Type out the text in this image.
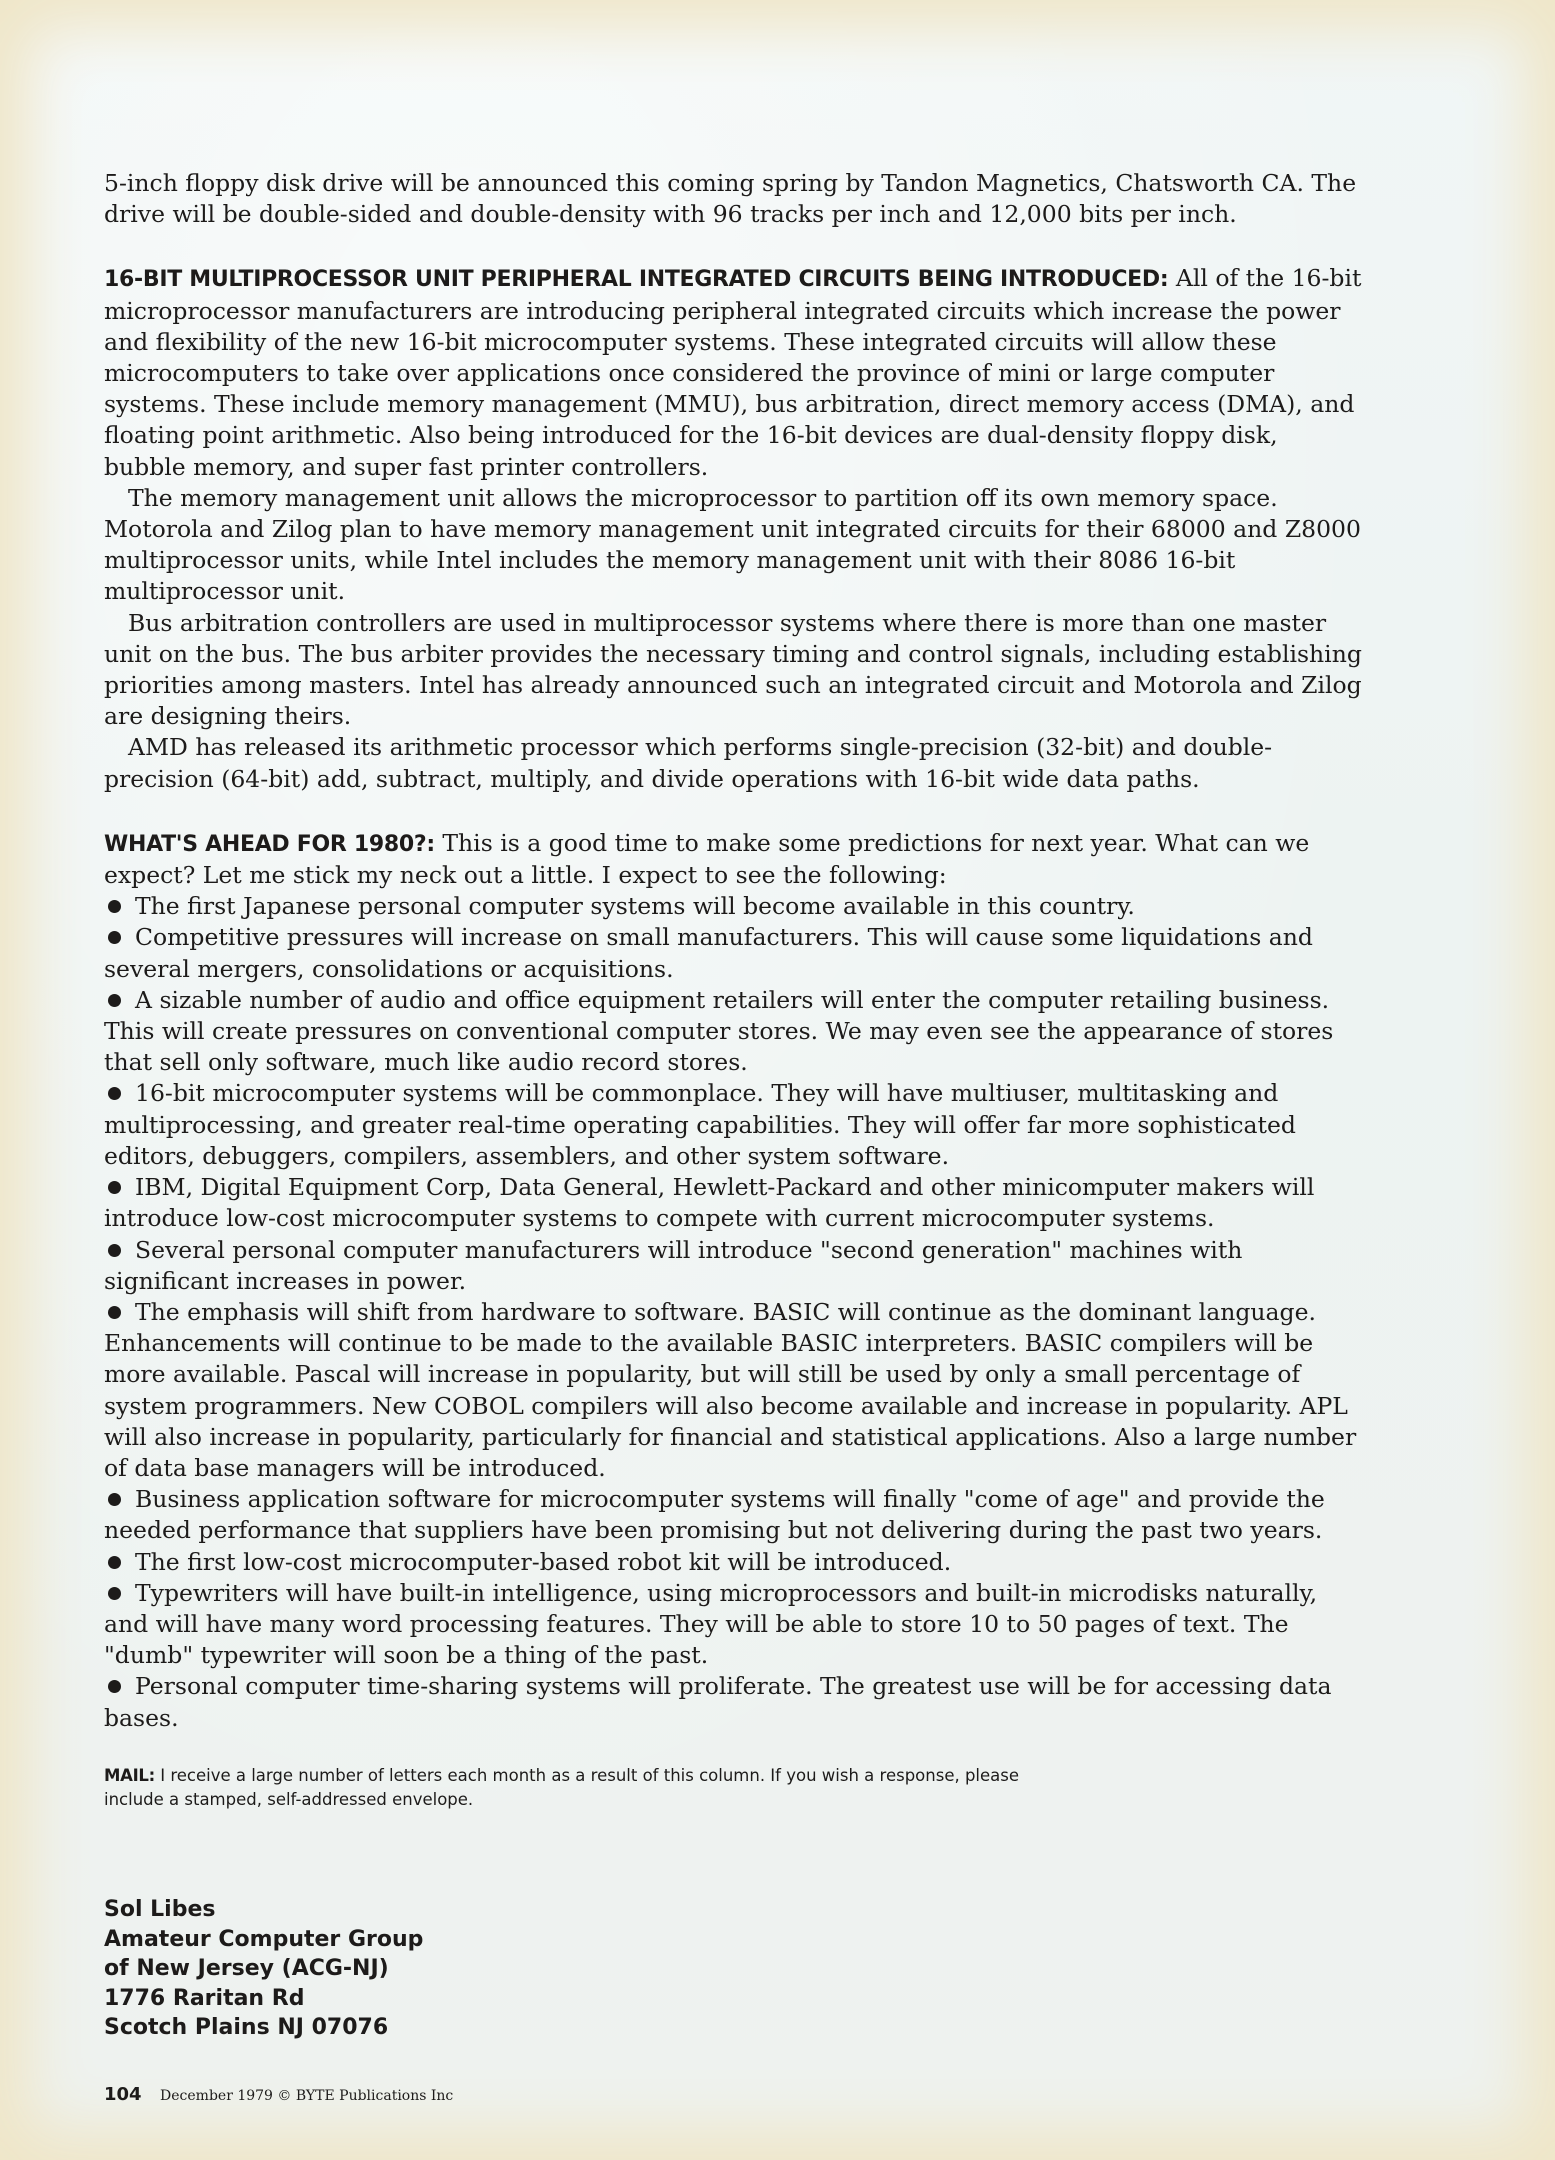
5-inch floppy disk drive will be announced this coming spring by Tandon Magnetics, Chatsworth CA. The drive will be double-sided and double-density with 96 tracks per inch and 12,000 bits per inch.

16-BIT MULTIPROCESSOR UNIT PERIPHERAL INTEGRATED CIRCUITS BEING INTRODUCED: All of the 16-bit microprocessor manufacturers are introducing peripheral integrated circuits which increase the power and flexibility of the new 16-bit microcomputer systems. These integrated circuits will allow these microcomputers to take over applications once considered the province of mini or large computer systems. These include memory management (MMU), bus arbitration, direct memory access (DMA), and floating point arithmetic. Also being introduced for the 16-bit devices are dual-density floppy disk, bubble memory, and super fast printer controllers.

The memory management unit allows the microprocessor to partition off its own memory space. Motorola and Zilog plan to have memory management unit integrated circuits for their 68000 and Z8000 multiprocessor units, while Intel includes the memory management unit with their 8086 16-bit multiprocessor unit.

Bus arbitration controllers are used in multiprocessor systems where there is more than one master unit on the bus. The bus arbiter provides the necessary timing and control signals, including establishing priorities among masters. Intel has already announced such an integrated circuit and Motorola and Zilog are designing theirs.

AMD has released its arithmetic processor which performs single-precision (32-bit) and double-precision (64-bit) add, subtract, multiply, and divide operations with 16-bit wide data paths.

WHAT'S AHEAD FOR 1980?: This is a good time to make some predictions for next year. What can we expect? Let me stick my neck out a little. I expect to see the following:

The first Japanese personal computer systems will become available in this country.

Competitive pressures will increase on small manufacturers. This will cause some liquidations and several mergers, consolidations or acquisitions.

A sizable number of audio and office equipment retailers will enter the computer retailing business. This will create pressures on conventional computer stores. We may even see the appearance of stores that sell only software, much like audio record stores.

16-bit microcomputer systems will be commonplace. They will have multiuser, multitasking and multiprocessing, and greater real-time operating capabilities. They will offer far more sophisticated editors, debuggers, compilers, assemblers, and other system software.

IBM, Digital Equipment Corp, Data General, Hewlett-Packard and other minicomputer makers will introduce low-cost microcomputer systems to compete with current microcomputer systems.

Several personal computer manufacturers will introduce "second generation" machines with significant increases in power.

The emphasis will shift from hardware to software. BASIC will continue as the dominant language. Enhancements will continue to be made to the available BASIC interpreters. BASIC compilers will be more available. Pascal will increase in popularity, but will still be used by only a small percentage of system programmers. New COBOL compilers will also become available and increase in popularity. APL will also increase in popularity, particularly for financial and statistical applications. Also a large number of data base managers will be introduced.

Business application software for microcomputer systems will finally "come of age" and provide the needed performance that suppliers have been promising but not delivering during the past two years.

The first low-cost microcomputer-based robot kit will be introduced.

Typewriters will have built-in intelligence, using microprocessors and built-in microdisks naturally, and will have many word processing features. They will be able to store 10 to 50 pages of text. The "dumb" typewriter will soon be a thing of the past.

Personal computer time-sharing systems will proliferate. The greatest use will be for accessing data bases.

MAIL: I receive a large number of letters each month as a result of this column. If you wish a response, please include a stamped, self-addressed envelope.

Sol Libes
Amateur Computer Group
of New Jersey (ACG-NJ)
1776 Raritan Rd
Scotch Plains NJ 07076
104 December 1979 © BYTE Publications Inc
